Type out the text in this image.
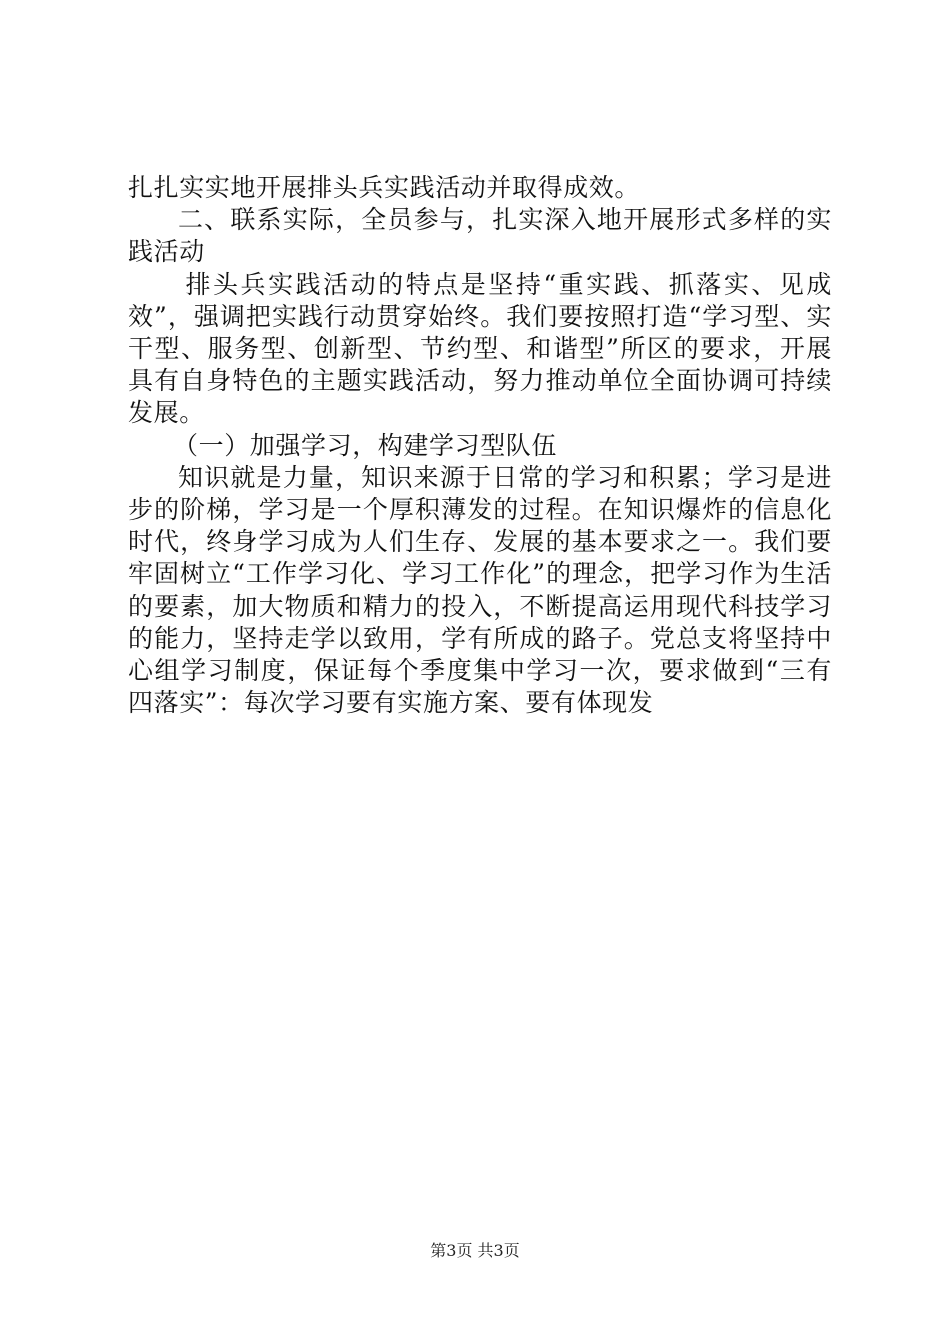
扎扎实实地开展排头兵实践活动并取得成效。

二、联系实际，全员参与，扎实深入地开展形式多样的实践活动

排头兵实践活动的特点是坚持“重实践、抓落实、见成效”，强调把实践行动贯穿始终。我们要按照打造“学习型、实干型、服务型、创新型、节约型、和谐型”所区的要求，开展具有自身特色的主题实践活动，努力推动单位全面协调可持续发展。

（一）加强学习，构建学习型队伍

知识就是力量，知识来源于日常的学习和积累；学习是进步的阶梯，学习是一个厚积薄发的过程。在知识爆炸的信息化时代，终身学习成为人们生存、发展的基本要求之一。我们要牢固树立“工作学习化、学习工作化”的理念，把学习作为生活的要素，加大物质和精力的投入，不断提高运用现代科技学习的能力，坚持走学以致用，学有所成的路子。党总支将坚持中心组学习制度，保证每个季度集中学习一次，要求做到“三有四落实”：每次学习要有实施方案、要有体现发

第3页 共3页
